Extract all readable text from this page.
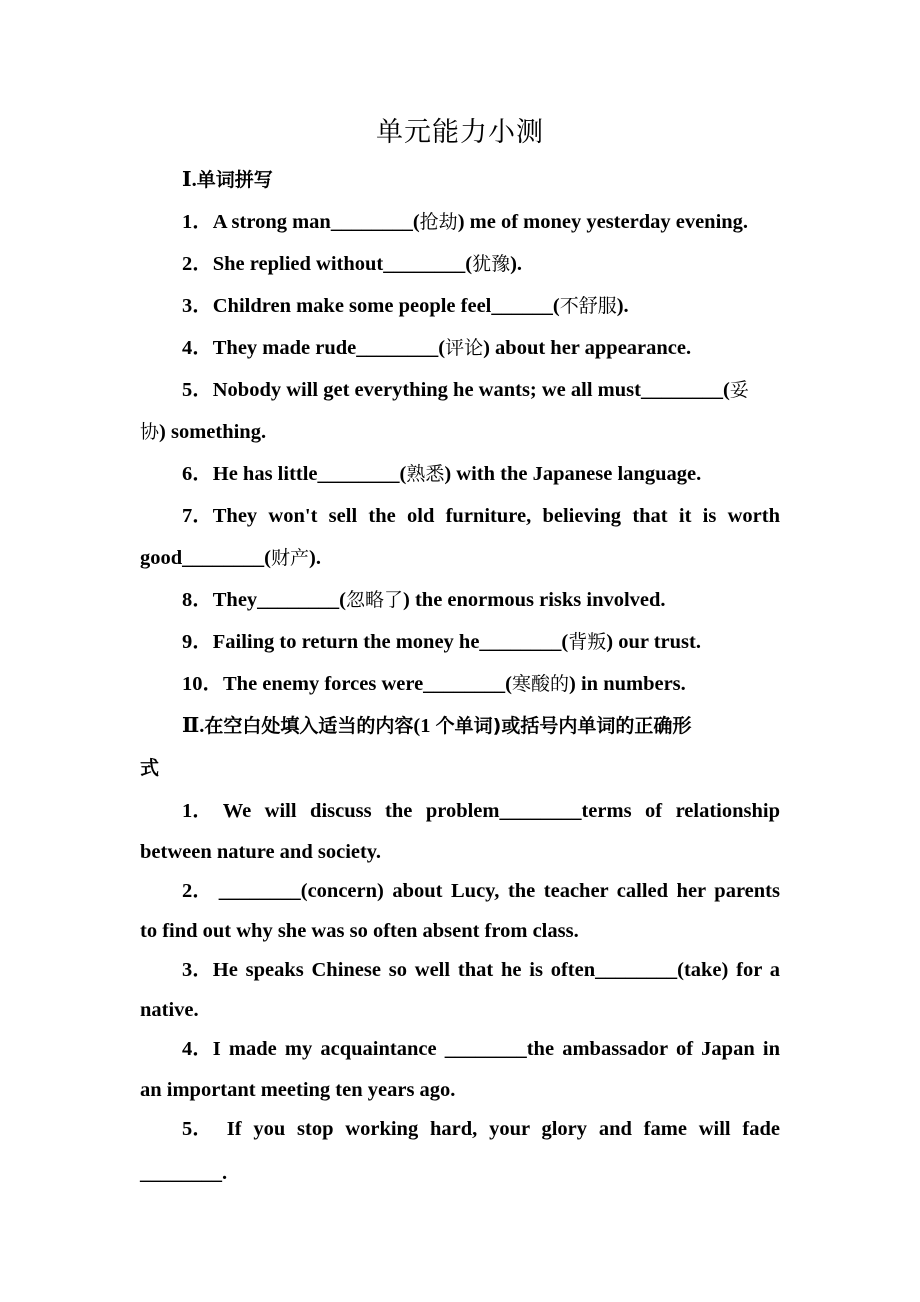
单元能力小测
Ⅰ.单词拼写
1．A strong man________(抢劫) me of money yesterday evening.
2．She replied without________(犹豫).
3．Children make some people feel______(不舒服).
4．They made rude________(评论) about her appearance.
5．Nobody will get everything he wants; we all must________(妥
协) something.
6．He has little________(熟悉) with the Japanese language.
7． They won't sell the old furniture, believing that it is worth
good________(财产).
8．They________(忽略了) the enormous risks involved.
9．Failing to return the money he________(背叛) our trust.
10．The enemy forces were________(寒酸的) in numbers.
Ⅱ.在空白处填入适当的内容(1 个单词)或括号内单词的正确形
式
1． We will discuss the problem________terms of relationship
between nature and society.
2． ________(concern) about Lucy, the teacher called her parents
to find out why she was so often absent from class.
3． He speaks Chinese so well that he is often________(take) for a
native.
4． I made my acquaintance ________the ambassador of Japan in
an important meeting ten years ago.
5． If you stop working hard, your glory and fame will fade
________.
